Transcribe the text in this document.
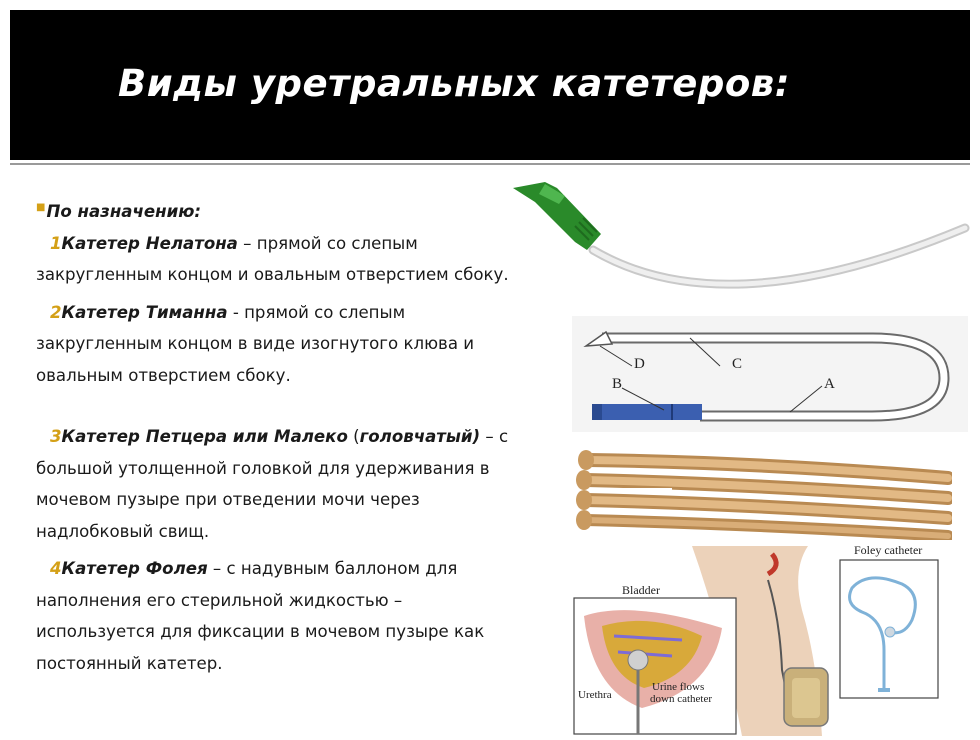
Виды уретральных катетеров:
■По назначению:
1Катетер Нелатона – прямой со слепым
закругленным концом и овальным отверстием сбоку.
2Катетер Тиманна - прямой со слепым
закругленным концом в виде изогнутого клюва и
овальным отверстием сбоку.
3Катетер Петцера или Малеко (головчатый) – с
большой утолщенной головкой для удерживания в
мочевом пузыре при отведении мочи через
надлобковый свищ.
4Катетер Фолея – с надувным баллоном для
наполнения его стерильной жидкостью –
используется для фиксации в мочевом пузыре как
постоянный катетер.
D	C
B	A
Bladder
Urethra
Urine flows
down catheter
Foley catheter
